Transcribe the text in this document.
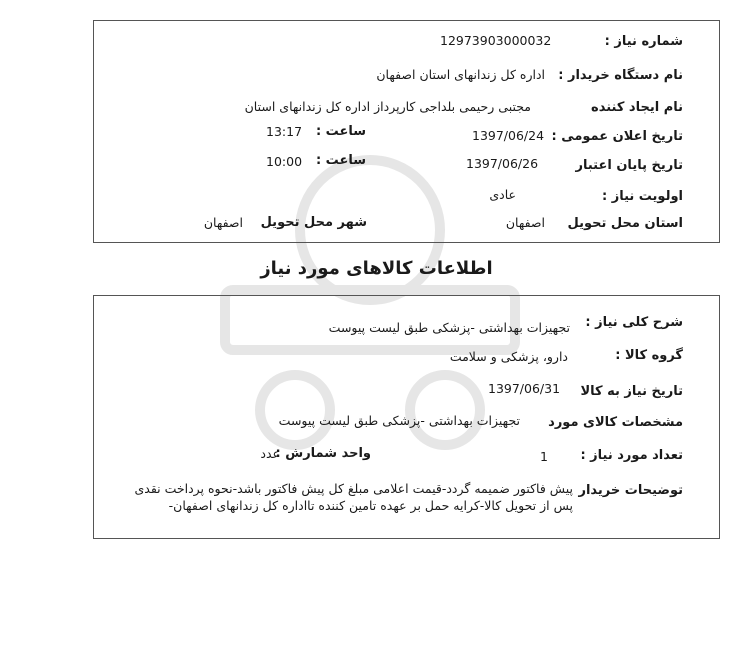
شماره نیاز :
12973903000032
نام دستگاه خریدار :
اداره کل زندانهای استان اصفهان
نام ایجاد کننده
مجتبی رحیمی بلداجی کارپرداز اداره کل زندانهای استان
تاریخ اعلان عمومی :
1397/06/24
ساعت :
13:17
تاریخ پایان اعتبار
1397/06/26
ساعت :
10:00
اولویت نیاز :
عادی
استان محل تحویل
اصفهان
شهر محل تحویل
اصفهان
اطلاعات کالاهای مورد نیاز
شرح کلی نیاز :
تجهیزات بهداشتی -پزشکی طبق لیست پیوست
گروه کالا :
دارو، پزشکی و سلامت
تاریخ نیاز به کالا
1397/06/31
مشخصات کالای مورد
تجهیزات بهداشتی -پزشکی طبق لیست پیوست
تعداد مورد نیاز :
1
واحد شمارش :
عدد
توضیحات خریدار
پیش فاکتور ضمیمه گردد-قیمت اعلامی مبلغ کل پیش فاکتور باشد-نحوه پرداخت نقدی پس از تحویل کالا-کرایه حمل بر عهده تامین کننده تااداره کل زندانهای اصفهان-
